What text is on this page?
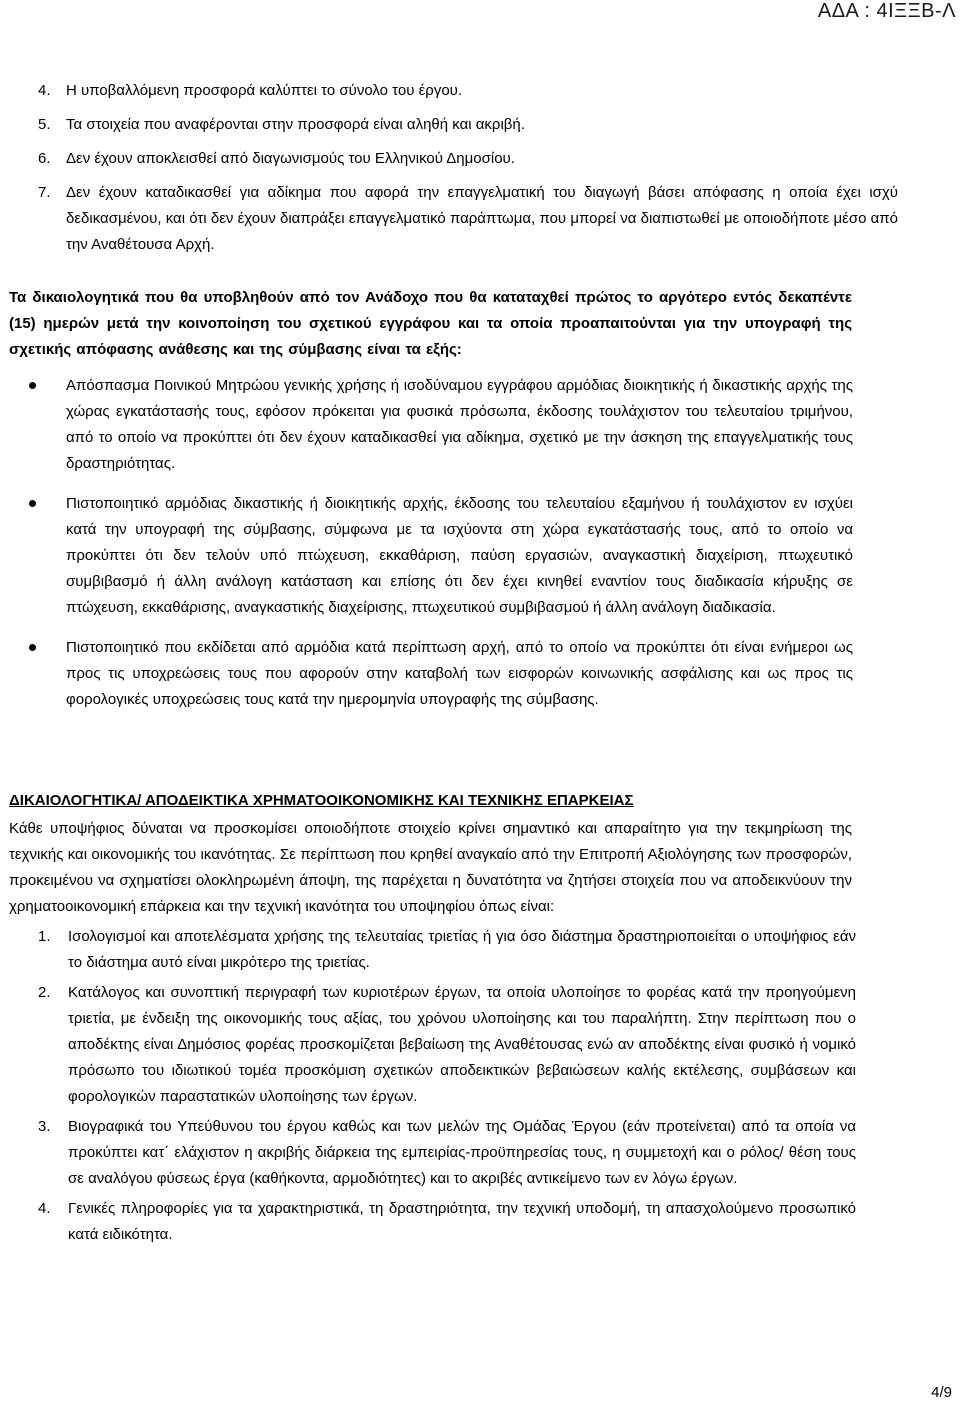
ΑΔΑ : 4ΙΞΞΒ-Λ
4. Η υποβαλλόμενη προσφορά καλύπτει το σύνολο του έργου.
5. Τα στοιχεία που αναφέρονται στην προσφορά είναι αληθή και ακριβή.
6. Δεν έχουν αποκλεισθεί από διαγωνισμούς του Ελληνικού Δημοσίου.
7. Δεν έχουν καταδικασθεί για αδίκημα που αφορά την επαγγελματική του διαγωγή βάσει απόφασης η οποία έχει ισχύ δεδικασμένου, και ότι δεν έχουν διαπράξει επαγγελματικό παράπτωμα, που μπορεί να διαπιστωθεί με οποιοδήποτε μέσο από την Αναθέτουσα Αρχή.

Τα δικαιολογητικά που θα υποβληθούν από τον Ανάδοχο που θα καταταχθεί πρώτος το αργότερο εντός δεκαπέντε (15) ημερών μετά την κοινοποίηση του σχετικού εγγράφου και τα οποία προαπαιτούνται για την υπογραφή της σχετικής απόφασης ανάθεσης και της σύμβασης είναι τα εξής:

Απόσπασμα Ποινικού Μητρώου γενικής χρήσης ή ισοδύναμου εγγράφου αρμόδιας διοικητικής ή δικαστικής αρχής της χώρας εγκατάστασής τους, εφόσον πρόκειται για φυσικά πρόσωπα, έκδοσης τουλάχιστον του τελευταίου τριμήνου, από το οποίο να προκύπτει ότι δεν έχουν καταδικασθεί για αδίκημα, σχετικό με την άσκηση της επαγγελματικής τους δραστηριότητας.
Πιστοποιητικό αρμόδιας δικαστικής ή διοικητικής αρχής, έκδοσης του τελευταίου εξαμήνου ή τουλάχιστον εν ισχύει κατά την υπογραφή της σύμβασης, σύμφωνα με τα ισχύοντα στη χώρα εγκατάστασής τους, από το οποίο να προκύπτει ότι δεν τελούν υπό πτώχευση, εκκαθάριση, παύση εργασιών, αναγκαστική διαχείριση, πτωχευτικό συμβιβασμό ή άλλη ανάλογη κατάσταση και επίσης ότι δεν έχει κινηθεί εναντίον τους διαδικασία κήρυξης σε πτώχευση, εκκαθάρισης, αναγκαστικής διαχείρισης, πτωχευτικού συμβιβασμού ή άλλη ανάλογη διαδικασία.
Πιστοποιητικό που εκδίδεται από αρμόδια κατά περίπτωση αρχή, από το οποίο να προκύπτει ότι είναι ενήμεροι ως προς τις υποχρεώσεις τους που αφορούν στην καταβολή των εισφορών κοινωνικής ασφάλισης και ως προς τις φορολογικές υποχρεώσεις τους κατά την ημερομηνία υπογραφής της σύμβασης.
ΔΙΚΑΙΟΛΟΓΗΤΙΚΑ/ ΑΠΟΔΕΙΚΤΙΚΑ ΧΡΗΜΑΤΟΟΙΚΟΝΟΜΙΚΗΣ ΚΑΙ ΤΕΧΝΙΚΗΣ ΕΠΑΡΚΕΙΑΣ

Κάθε υποψήφιος δύναται να προσκομίσει οποιοδήποτε στοιχείο κρίνει σημαντικό και απαραίτητο για την τεκμηρίωση της τεχνικής και οικονομικής του ικανότητας. Σε περίπτωση που κρηθεί αναγκαίο από την Επιτροπή Αξιολόγησης των προσφορών, προκειμένου να σχηματίσει ολοκληρωμένη άποψη, της παρέχεται η δυνατότητα να ζητήσει στοιχεία που να αποδεικνύουν την χρηματοοικονομική επάρκεια και την τεχνική ικανότητα του υποψηφίου όπως είναι:

1. Ισολογισμοί και αποτελέσματα χρήσης της τελευταίας τριετίας ή για όσο διάστημα δραστηριοποιείται ο υποψήφιος εάν το διάστημα αυτό είναι μικρότερο της τριετίας.
2. Κατάλογος και συνοπτική περιγραφή των κυριοτέρων έργων, τα οποία υλοποίησε το φορέας κατά την προηγούμενη τριετία, με ένδειξη της οικονομικής τους αξίας, του χρόνου υλοποίησης και του παραλήπτη. Στην περίπτωση που ο αποδέκτης είναι Δημόσιος φορέας προσκομίζεται βεβαίωση της Αναθέτουσας ενώ αν αποδέκτης είναι φυσικό ή νομικό πρόσωπο του ιδιωτικού τομέα προσκόμιση σχετικών αποδεικτικών βεβαιώσεων καλής εκτέλεσης, συμβάσεων και φορολογικών παραστατικών υλοποίησης των έργων.
3. Βιογραφικά του Υπεύθυνου του έργου καθώς και των μελών της Ομάδας Έργου (εάν προτείνεται) από τα οποία να προκύπτει κατ΄ ελάχιστον η ακριβής διάρκεια της εμπειρίας-προϋπηρεσίας τους, η συμμετοχή και ο ρόλος/ θέση τους σε αναλόγου φύσεως έργα (καθήκοντα, αρμοδιότητες) και το ακριβές αντικείμενο των εν λόγω έργων.
4. Γενικές πληροφορίες για τα χαρακτηριστικά, τη δραστηριότητα, την τεχνική υποδομή, τη απασχολούμενο προσωπικό κατά ειδικότητα.
4/9
